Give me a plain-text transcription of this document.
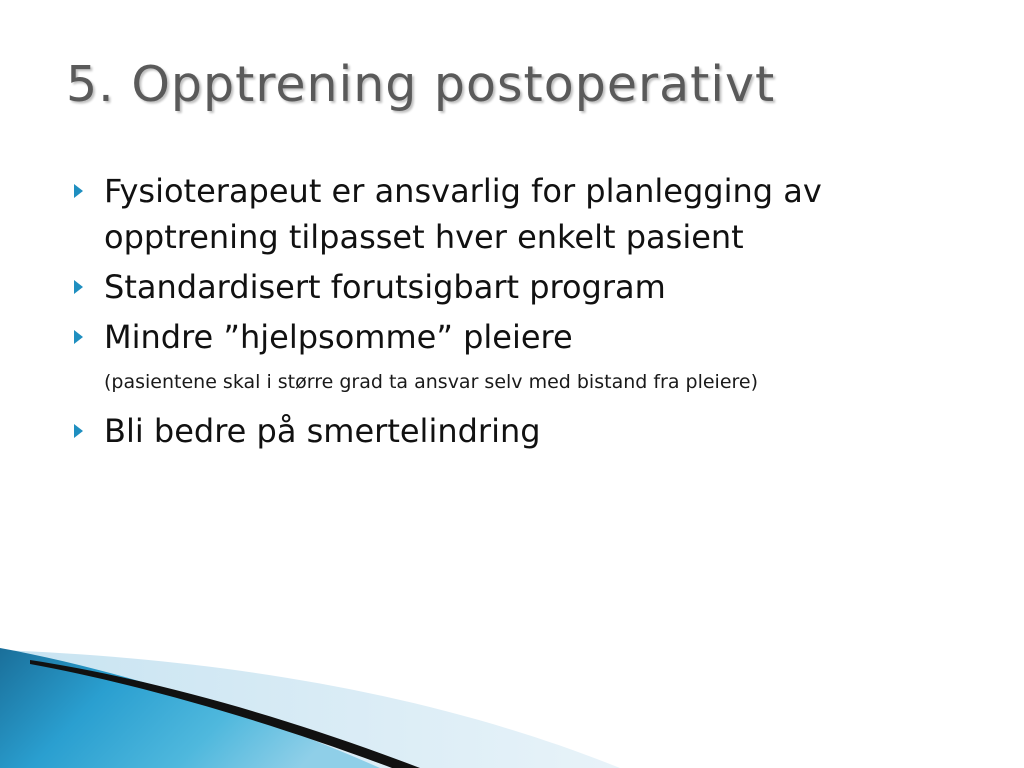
5. Opptrening postoperativt
Fysioterapeut er ansvarlig for planlegging av opptrening tilpasset hver enkelt pasient
Standardisert forutsigbart program
Mindre ”hjelpsomme” pleiere
(pasientene skal i større grad ta ansvar selv med bistand fra pleiere)
Bli bedre på smertelindring
